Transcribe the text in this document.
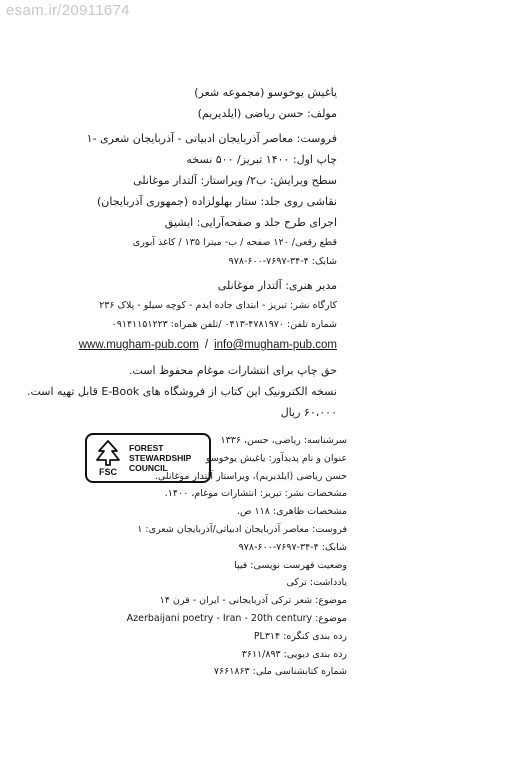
esam.ir/20911674
یاغیش یوخوسو (مجموعه شعر)
مولف: حسن ریاضی (ایلدیریم)
فروست: معاصر آذربایجان ادبیاتی - آذربایجان شعری -۱
چاپ اول: ۱۴۰۰ تبریز/ ۵۰۰ نسخه
سطح ویرایش: ب۲/ ویراستار: آلتدار موغانلی
نقاشی روی جلد: ستار بهلولزاده (جمهوری آذربایجان)
اجرای طرح جلد و صفحه‌آرایی: ایشیق
قطع رقعی/ ۱۲۰ صفحه / ب- میترا ۱۳۵ / کاغذ آبوری
شابک: ۴-۳۴-۷۶۹۷-۶۰۰-۹۷۸
مدیر هنری: آلتدار موغانلی
کارگاه نشر: تبریز - ابتدای جاده ایدم - کوچه سیلو - پلاک ۲۳۶
شماره تلفن: ۴۷۸۱۹۷۰-۰۴۱۳ /تلفن همراه: ۰۹۱۴۱۱۵۱۲۲۳
www.mugham-pub.com / info@mugham-pub.com
حق چاپ برای انتشارات موغام محفوظ است.
نسخه الکترونیک این کتاب از فروشگاه های E-Book قابل تهیه است.
۶۰،۰۰۰ ریال
FSC
FOREST
STEWARDSHIP
COUNCIL
سرشناسه: ریاضی، حسن، ۱۳۳۶
عنوان و نام پدیدآور: یاغیش یوخوسو
حسن ریاضی (ایلدیریم)، ویراستار آلتدار موغانلی.
مشخصات نشر: تبریز: انتشارات موغام، ۱۴۰۰.
مشخصات ظاهری: ۱۱۸ ص.
فروست: معاصر آذربایجان ادبیاتی/آذربایجان شعری: ۱
شابک: ۴-۳۴-۷۶۹۷-۶۰۰-۹۷۸
وضعیت فهرست نویسی: فیپا
یادداشت: ترکی
موضوع: شعر ترکی آذربایجانی - ایران - قرن ۱۴
موضوع: Azerbaijani poetry - Iran - 20th century
رده بندی کنگره: PL۳۱۴
رده بندی دیویی: ۳۶۱۱/۸۹۳
شماره کتابشناسی ملی: ۷۶۶۱۸۶۳
